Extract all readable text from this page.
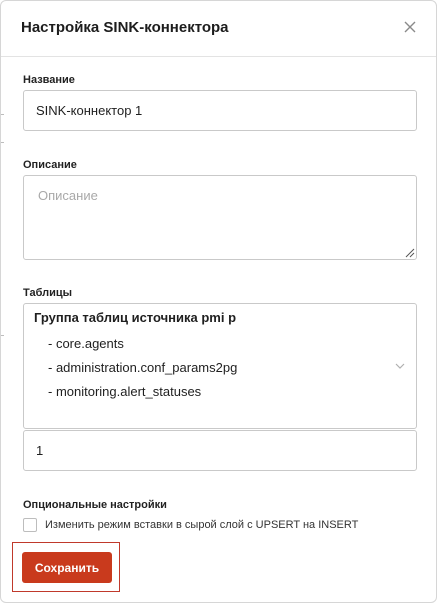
Настройка SINK-коннектора
Название
SINK-коннектор 1
Описание
Описание
Таблицы
Группа таблиц источника pmi p
- core.agents
- administration.conf_params2pg
- monitoring.alert_statuses
1
Опциональные настройки
Изменить режим вставки в сырой слой с UPSERT на INSERT
Сохранить
